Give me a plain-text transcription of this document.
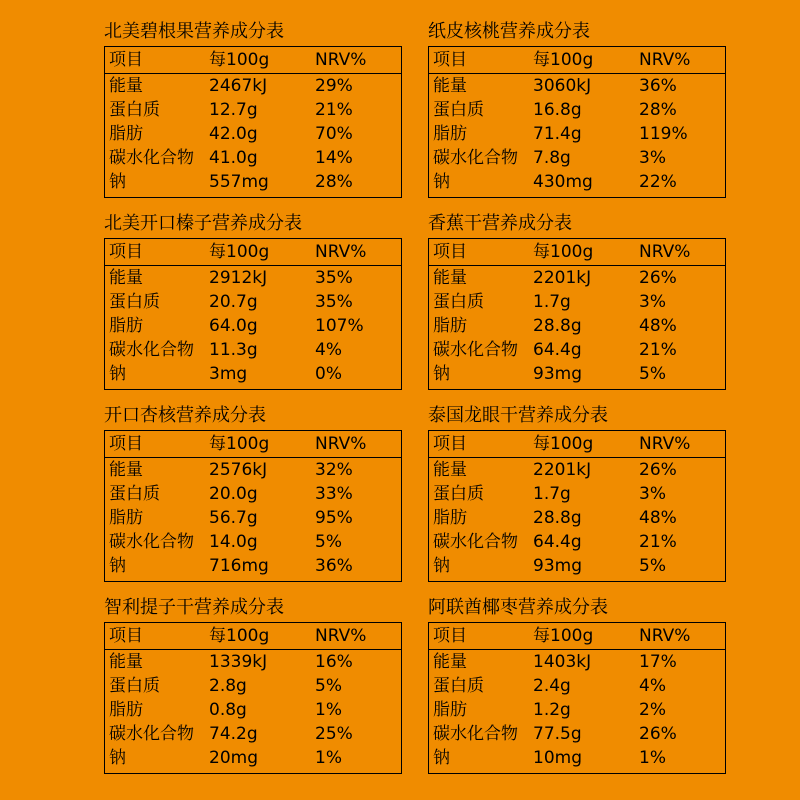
北美碧根果营养成分表
项目	每100g	NRV%
能量	2467kJ	29%
蛋白质	12.7g	21%
脂肪	42.0g	70%
碳水化合物 41.0g	14%
钠	557mg	28%
纸皮核桃营养成分表
项目	每100g	NRV%
能量	3060kJ	36%
蛋白质	16.8g	28%
脂肪	71.4g	119%
碳水化合物 7.8g	3%
钠	430mg	22%
北美开口榛子营养成分表
项目	每100g	NRV%
能量	2912kJ	35%
蛋白质	20.7g	35%
脂肪	64.0g	107%
碳水化合物 11.3g	4%
钠	3mg	0%
香蕉干营养成分表
项目	每100g	NRV%
能量	2201kJ	26%
蛋白质	1.7g	3%
脂肪	28.8g	48%
碳水化合物 64.4g	21%
钠	93mg	5%
开口杏核营养成分表
项目	每100g	NRV%
能量	2576kJ	32%
蛋白质	20.0g	33%
脂肪	56.7g	95%
碳水化合物 14.0g	5%
钠	716mg	36%
泰国龙眼干营养成分表
项目	每100g	NRV%
能量	2201kJ	26%
蛋白质	1.7g	3%
脂肪	28.8g	48%
碳水化合物 64.4g	21%
钠	93mg	5%
智利提子干营养成分表
项目	每100g	NRV%
能量	1339kJ	16%
蛋白质	2.8g	5%
脂肪	0.8g	1%
碳水化合物 74.2g	25%
钠	20mg	1%
阿联酋椰枣营养成分表
项目	每100g	NRV%
能量	1403kJ	17%
蛋白质	2.4g	4%
脂肪	1.2g	2%
碳水化合物 77.5g	26%
钠	10mg	1%
